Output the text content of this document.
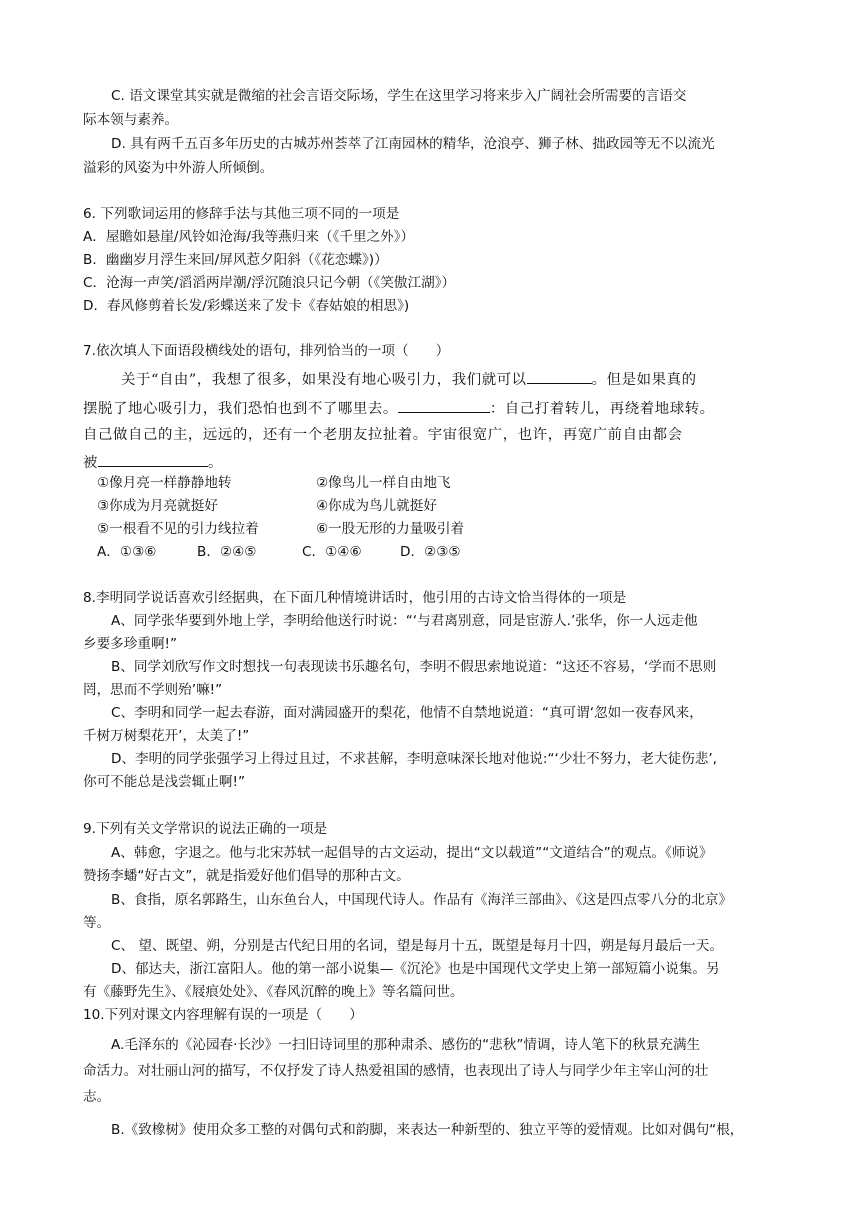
C. 语文课堂其实就是微缩的社会言语交际场，学生在这里学习将来步入广阔社会所需要的言语交
际本领与素养。
D. 具有两千五百多年历史的古城苏州荟萃了江南园林的精华，沧浪亭、狮子林、拙政园等无不以流光
溢彩的风姿为中外游人所倾倒。
6. 下列歌词运用的修辞手法与其他三项不同的一项是
A．屋瞻如悬崖/风铃如沧海/我等燕归来（《千里之外》）
B．幽幽岁月浮生来回/屏风惹夕阳斜（《花恋蝶》)）
C．沧海一声笑/滔滔两岸潮/浮沉随浪只记今朝（《笑傲江湖》）
D．春风修剪着长发/彩蝶送来了发卡《春姑娘的相思》)
7.依次填人下面语段横线处的语句，排列恰当的一项（　　）
关于“自由”，我想了很多，如果没有地心吸引力，我们就可以	。但是如果真的
摆脱了地心吸引力，我们恐怕也到不了哪里去。	：自己打着转儿，再绕着地球转。
自己做自己的主，远远的，还有一个老朋友拉扯着。宇宙很宽广，也许，再宽广前自由都会
被	。
①像月亮一样静静地转	②像鸟儿一样自由地飞
③你成为月亮就挺好	④你成为鸟儿就挺好
⑤一根看不见的引力线拉着	⑥一股无形的力量吸引着
A．①③⑥	B．②④⑤	C．①④⑥	D．②③⑤
8.李明同学说话喜欢引经据典，在下面几种情境讲话时，他引用的古诗文恰当得体的一项是
A、同学张华要到外地上学，李明给他送行时说：“‘与君离别意，同是宦游人.’张华，你一人远走他
乡要多珍重啊!”
B、同学刘欣写作文时想找一句表现读书乐趣名句，李明不假思索地说道：“这还不容易，‘学而不思则
罔，思而不学则殆’嘛!”
C、李明和同学一起去春游，面对满园盛开的梨花，他情不自禁地说道：“真可谓‘忽如一夜春风来，
千树万树梨花开’，太美了!”
D、李明的同学张强学习上得过且过，不求甚解，李明意味深长地对他说:“‘少壮不努力，老大徒伤悲’,
你可不能总是浅尝辄止啊!”
9.下列有关文学常识的说法正确的一项是
A、韩愈，字退之。他与北宋苏轼一起倡导的古文运动，提出“文以载道”“文道结合”的观点。《师说》
赞扬李蟠“好古文”，就是指爱好他们倡导的那种古文。
B、食指，原名郭路生，山东鱼台人，中国现代诗人。作品有《海洋三部曲》、《这是四点零八分的北京》
等。
C、 望、既望、朔，分别是古代纪日用的名词，望是每月十五，既望是每月十四，朔是每月最后一天。
D、郁达夫，浙江富阳人。他的第一部小说集—《沉沦》也是中国现代文学史上第一部短篇小说集。另
有《藤野先生》、《屐痕处处》、《春风沉醉的晚上》等名篇问世。
10.下列对课文内容理解有误的一项是（　　）
A.毛泽东的《沁园春·长沙》一扫旧诗词里的那种肃杀、感伤的“悲秋”情调，诗人笔下的秋景充满生
命活力。对壮丽山河的描写，不仅抒发了诗人热爱祖国的感情，也表现出了诗人与同学少年主宰山河的壮
志。
B.《致橡树》使用众多工整的对偶句式和韵脚，来表达一种新型的、独立平等的爱情观。比如对偶句“根，
